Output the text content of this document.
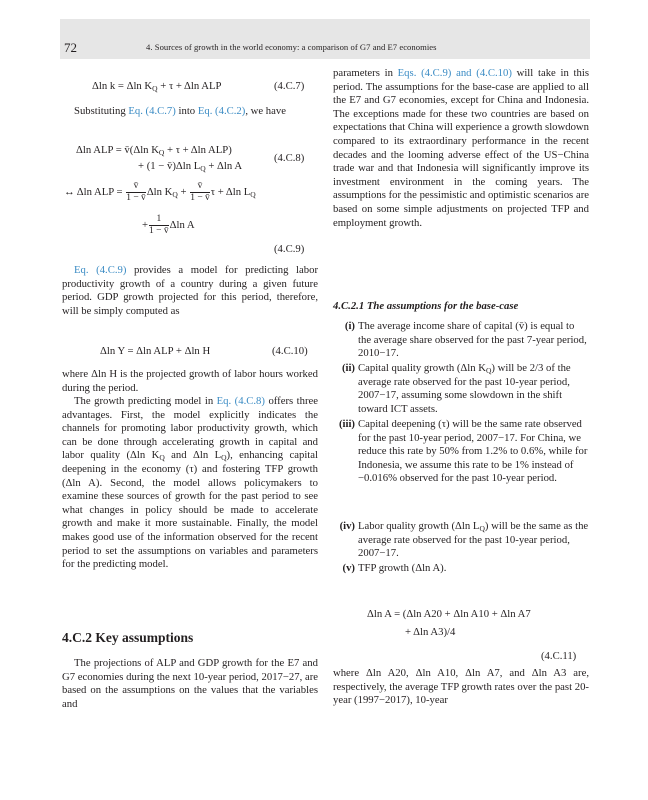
72	4. Sources of growth in the world economy: a comparison of G7 and E7 economies
Δln k = Δln $K_Q + \tau + \Delta\ln$ ALP	(4.C.7)

Substituting Eq. (4.C.7) into Eq. (4.C.2), we have

Δln ALP = v̄(Δln $K_Q + \tau + \Delta\ln$ ALP)
+ (1 − v̄)Δln $L_Q + \Delta\ln$ A
(4.C.8)
↔ Δln ALP = $\frac{v̄}{1 - v̄}$ Δln $K_Q + \frac{v̄}{1 - v̄}$ τ + Δln $L_Q$
+ $\frac{1}{1 - v̄}$ Δln A
(4.C.9)

Eq. (4.C.9) provides a model for predicting labor productivity growth of a country during a given future period. GDP growth projected for this period, therefore, will be simply computed as

Δln Y = Δln ALP + Δln H	(4.C.10)

where Δln H is the projected growth of labor hours worked during the period.

The growth predicting model in Eq. (4.C.8) offers three advantages. First, the model explicitly indicates the channels for promoting labor productivity growth, which can be done through accelerating growth in capital and labor quality (Δln $K_Q$ and Δln $L_Q$), enhancing capital deepening in the economy (τ) and fostering TFP growth (Δln A). Second, the model allows policymakers to examine these sources of growth for the past period to see what changes in policy should be made to accelerate growth and make it more sustainable. Finally, the model makes good use of the information observed for the recent period to set the assumptions on variables and parameters for the predicting model.

4.C.2 Key assumptions

The projections of ALP and GDP growth for the E7 and G7 economies during the next 10-year period, 2017−27, are based on the assumptions on the values that the variables and

parameters in Eqs. (4.C.9) and (4.C.10) will take in this period. The assumptions for the base-case are applied to all the E7 and G7 economies, except for China and Indonesia. The exceptions made for these two countries are based on expectations that China will experience a growth slowdown compared to its extraordinary performance in the recent decades and the looming adverse effect of the US−China trade war and that Indonesia will significantly improve its investment environment in the coming years. The assumptions for the pessimistic and optimistic scenarios are based on some simple adjustments on projected TFP and employment growth.

4.C.2.1 The assumptions for the base-case
(i) The average income share of capital (v̄) is equal to the average share observed for the past 7-year period, 2010−17.
(ii) Capital quality growth (Δln $K_Q$) will be 2/3 of the average rate observed for the past 10-year period, 2007−17, assuming some slowdown in the shift toward ICT assets.
(iii) Capital deepening (τ) will be the same rate observed for the past 10-year period, 2007−17. For China, we reduce this rate by 50% from 1.2% to 0.6%, while for Indonesia, we assume this rate to be 1% instead of −0.016% observed for the past 10-year period.
(iv) Labor quality growth (Δln $L_Q$) will be the same as the average rate observed for the past 10-year period, 2007−17.
(v) TFP growth (Δln A).
Δln A = (Δln A20 + Δln A10 + Δln A7
+ Δln A3)/4
(4.C.11)

where Δln A20, Δln A10, Δln A7, and Δln A3 are, respectively, the average TFP growth rates over the past 20-year (1997−2017), 10-year
